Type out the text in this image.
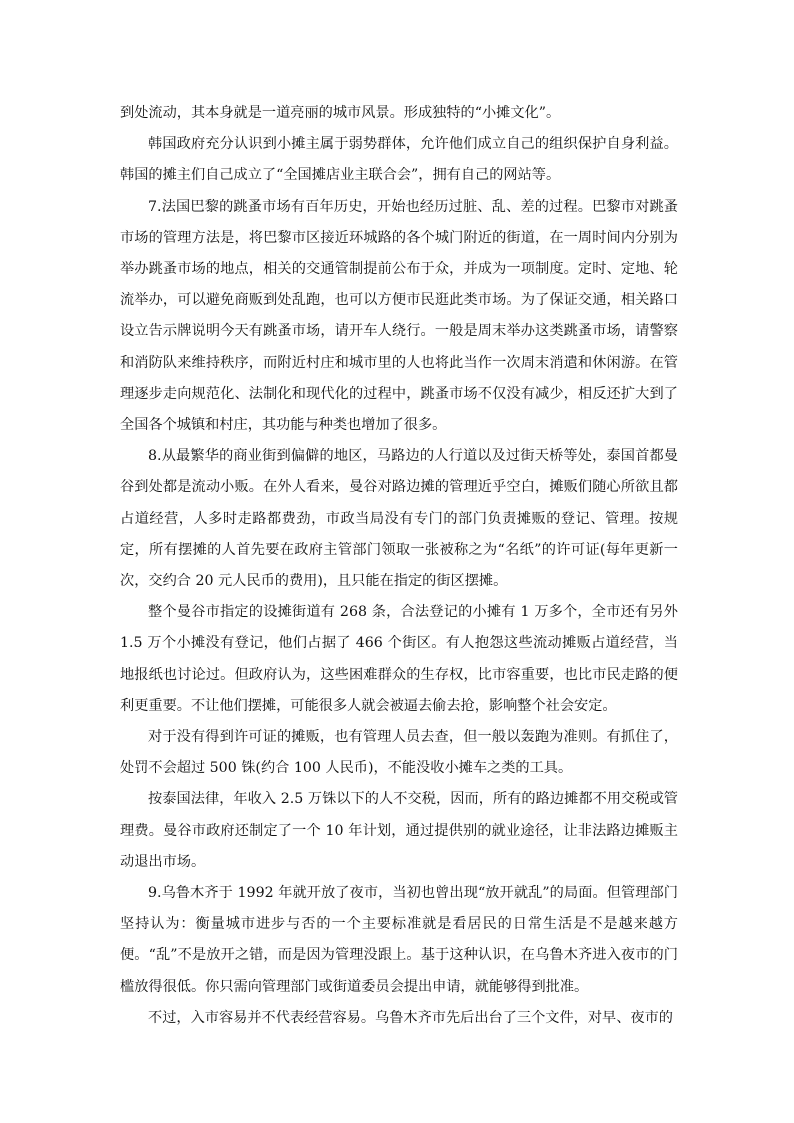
到处流动，其本身就是一道亮丽的城市风景。形成独特的“小摊文化”。

韩国政府充分认识到小摊主属于弱势群体，允许他们成立自己的组织保护自身利益。韩国的摊主们自己成立了“全国摊店业主联合会”，拥有自己的网站等。

7.法国巴黎的跳蚤市场有百年历史，开始也经历过脏、乱、差的过程。巴黎市对跳蚤市场的管理方法是，将巴黎市区接近环城路的各个城门附近的街道，在一周时间内分别为举办跳蚤市场的地点，相关的交通管制提前公布于众，并成为一项制度。定时、定地、轮流举办，可以避免商贩到处乱跑，也可以方便市民逛此类市场。为了保证交通，相关路口设立告示牌说明今天有跳蚤市场，请开车人绕行。一般是周末举办这类跳蚤市场，请警察和消防队来维持秩序，而附近村庄和城市里的人也将此当作一次周末消遣和休闲游。在管理逐步走向规范化、法制化和现代化的过程中，跳蚤市场不仅没有减少，相反还扩大到了全国各个城镇和村庄，其功能与种类也增加了很多。

8.从最繁华的商业街到偏僻的地区，马路边的人行道以及过街天桥等处，泰国首都曼谷到处都是流动小贩。在外人看来，曼谷对路边摊的管理近乎空白，摊贩们随心所欲且都占道经营，人多时走路都费劲，市政当局没有专门的部门负责摊贩的登记、管理。按规定，所有摆摊的人首先要在政府主管部门领取一张被称之为“名纸”的许可证(每年更新一次，交约合 20 元人民币的费用)，且只能在指定的街区摆摊。

整个曼谷市指定的设摊街道有 268 条，合法登记的小摊有 1 万多个，全市还有另外 1.5 万个小摊没有登记，他们占据了 466 个街区。有人抱怨这些流动摊贩占道经营，当地报纸也讨论过。但政府认为，这些困难群众的生存权，比市容重要，也比市民走路的便利更重要。不让他们摆摊，可能很多人就会被逼去偷去抢，影响整个社会安定。

对于没有得到许可证的摊贩，也有管理人员去查，但一般以轰跑为准则。有抓住了，处罚不会超过 500 铢(约合 100 人民币)，不能没收小摊车之类的工具。

按泰国法律，年收入 2.5 万铢以下的人不交税，因而，所有的路边摊都不用交税或管理费。曼谷市政府还制定了一个 10 年计划，通过提供别的就业途径，让非法路边摊贩主动退出市场。

9.乌鲁木齐于 1992 年就开放了夜市，当初也曾出现“放开就乱”的局面。但管理部门坚持认为：衡量城市进步与否的一个主要标准就是看居民的日常生活是不是越来越方便。“乱”不是放开之错，而是因为管理没跟上。基于这种认识，在乌鲁木齐进入夜市的门槛放得很低。你只需向管理部门或街道委员会提出申请，就能够得到批准。

不过，入市容易并不代表经营容易。乌鲁木齐市先后出台了三个文件，对早、夜市的
